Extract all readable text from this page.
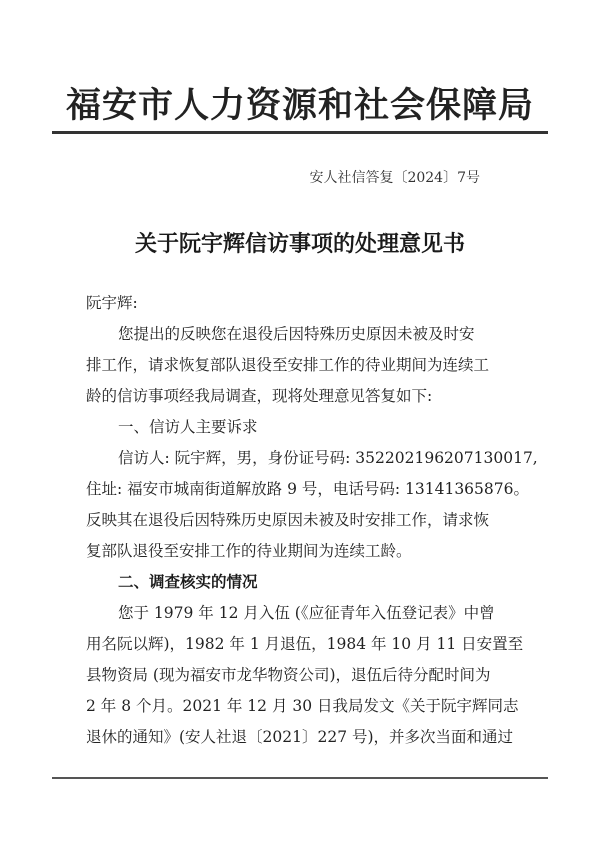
福安市人力资源和社会保障局
安人社信答复〔2024〕7号
关于阮宇辉信访事项的处理意见书
阮宇辉:
您提出的反映您在退役后因特殊历史原因未被及时安
排工作，请求恢复部队退役至安排工作的待业期间为连续工
龄的信访事项经我局调查，现将处理意见答复如下:
一、信访人主要诉求
信访人: 阮宇辉，男，身份证号码: 352202196207130017,
住址: 福安市城南街道解放路 9 号，电话号码: 13141365876。
反映其在退役后因特殊历史原因未被及时安排工作，请求恢
复部队退役至安排工作的待业期间为连续工龄。
二、调查核实的情况
您于 1979 年 12 月入伍 (《应征青年入伍登记表》中曾
用名阮以辉)，1982 年 1 月退伍，1984 年 10 月 11 日安置至
县物资局 (现为福安市龙华物资公司)，退伍后待分配时间为
2 年 8 个月。2021 年 12 月 30 日我局发文《关于阮宇辉同志
退休的通知》(安人社退〔2021〕227 号)，并多次当面和通过
